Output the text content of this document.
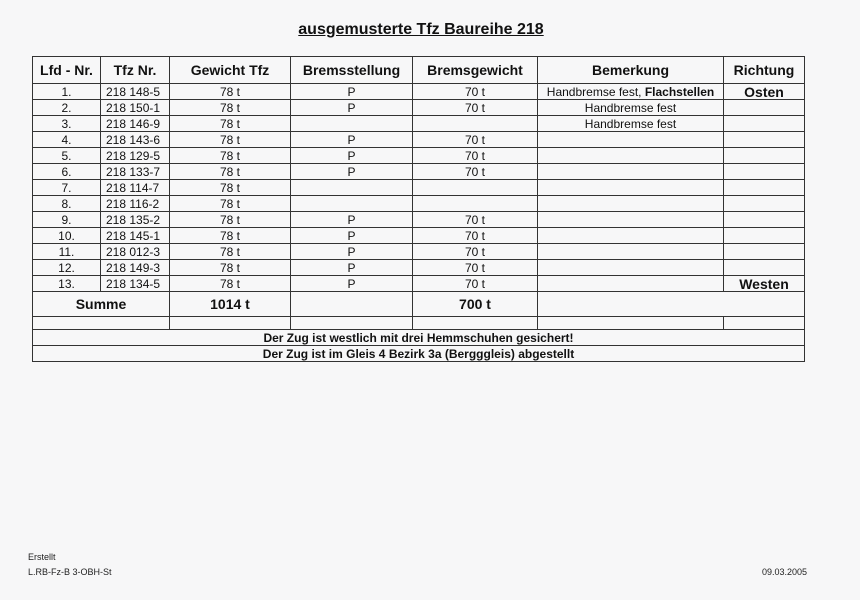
ausgemusterte Tfz Baureihe 218
Lfd - Nr.	Tfz Nr.	Gewicht Tfz	Bremsstellung	Bremsgewicht	Bemerkung	Richtung
1.	218 148-5	78 t	P	70 t	Handbremse fest, Flachstellen	Osten
2.	218 150-1	78 t	P	70 t	Handbremse fest	
3.	218 146-9	78 t			Handbremse fest	
4.	218 143-6	78 t	P	70 t		
5.	218 129-5	78 t	P	70 t		
6.	218 133-7	78 t	P	70 t		
7.	218 114-7	78 t				
8.	218 116-2	78 t				
9.	218 135-2	78 t	P	70 t		
10.	218 145-1	78 t	P	70 t		
11.	218 012-3	78 t	P	70 t		
12.	218 149-3	78 t	P	70 t		
13.	218 134-5	78 t	P	70 t		Westen
Summe		1014 t		700 t		

Der Zug ist westlich mit drei Hemmschuhen gesichert!						
Der Zug ist im Gleis 4 Bezirk 3a (Bergggleis) abgestellt						
Erstellt
L.RB-Fz-B 3-OBH-St	09.03.2005
